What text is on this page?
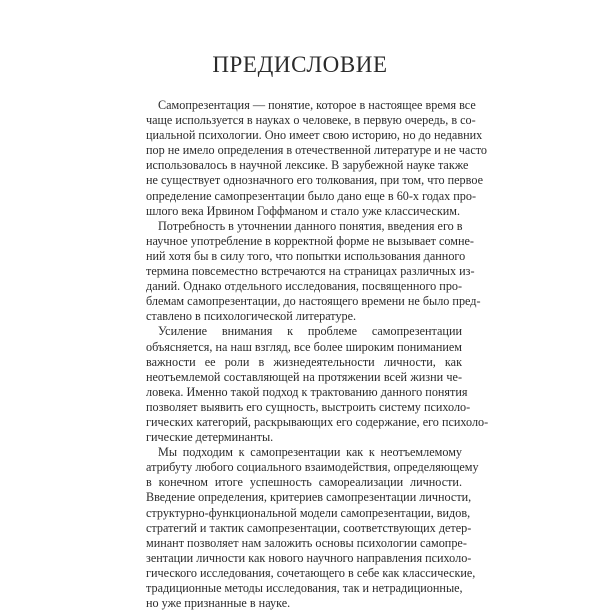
ПРЕДИСЛОВИЕ
Самопрезентация — понятие, которое в настоящее время все
чаще используется в науках о человеке, в первую очередь, в со-
циальной психологии. Оно имеет свою историю, но до недавних
пор не имело определения в отечественной литературе и не часто
использовалось в научной лексике. В зарубежной науке также
не существует однозначного его толкования, при том, что первое
определение самопрезентации было дано еще в 60-х годах про-
шлого века Ирвином Гоффманом и стало уже классическим.
Потребность в уточнении данного понятия, введения его в
научное употребление в корректной форме не вызывает сомне-
ний хотя бы в силу того, что попытки использования данного
термина повсеместно встречаются на страницах различных из-
даний. Однако отдельного исследования, посвященного про-
блемам самопрезентации, до настоящего времени не было пред-
ставлено в психологической литературе.
Усиление внимания к проблеме самопрезентации
объясняется, на наш взгляд, все более широким пониманием
важности ее роли в жизнедеятельности личности, как
неотъемлемой составляющей на протяжении всей жизни че-
ловека. Именно такой подход к трактованию данного понятия
позволяет выявить его сущность, выстроить систему психоло-
гических категорий, раскрывающих его содержание, его психоло-
гические детерминанты.
Мы подходим к самопрезентации как к неотъемлемому
атрибуту любого социального взаимодействия, определяющему
в конечном итоге успешность самореализации личности.
Введение определения, критериев самопрезентации личности,
структурно-функциональной модели самопрезентации, видов,
стратегий и тактик самопрезентации, соответствующих детер-
минант позволяет нам заложить основы психологии самопре-
зентации личности как нового научного направления психоло-
гического исследования, сочетающего в себе как классические,
традиционные методы исследования, так и нетрадиционные,
но уже признанные в науке.
